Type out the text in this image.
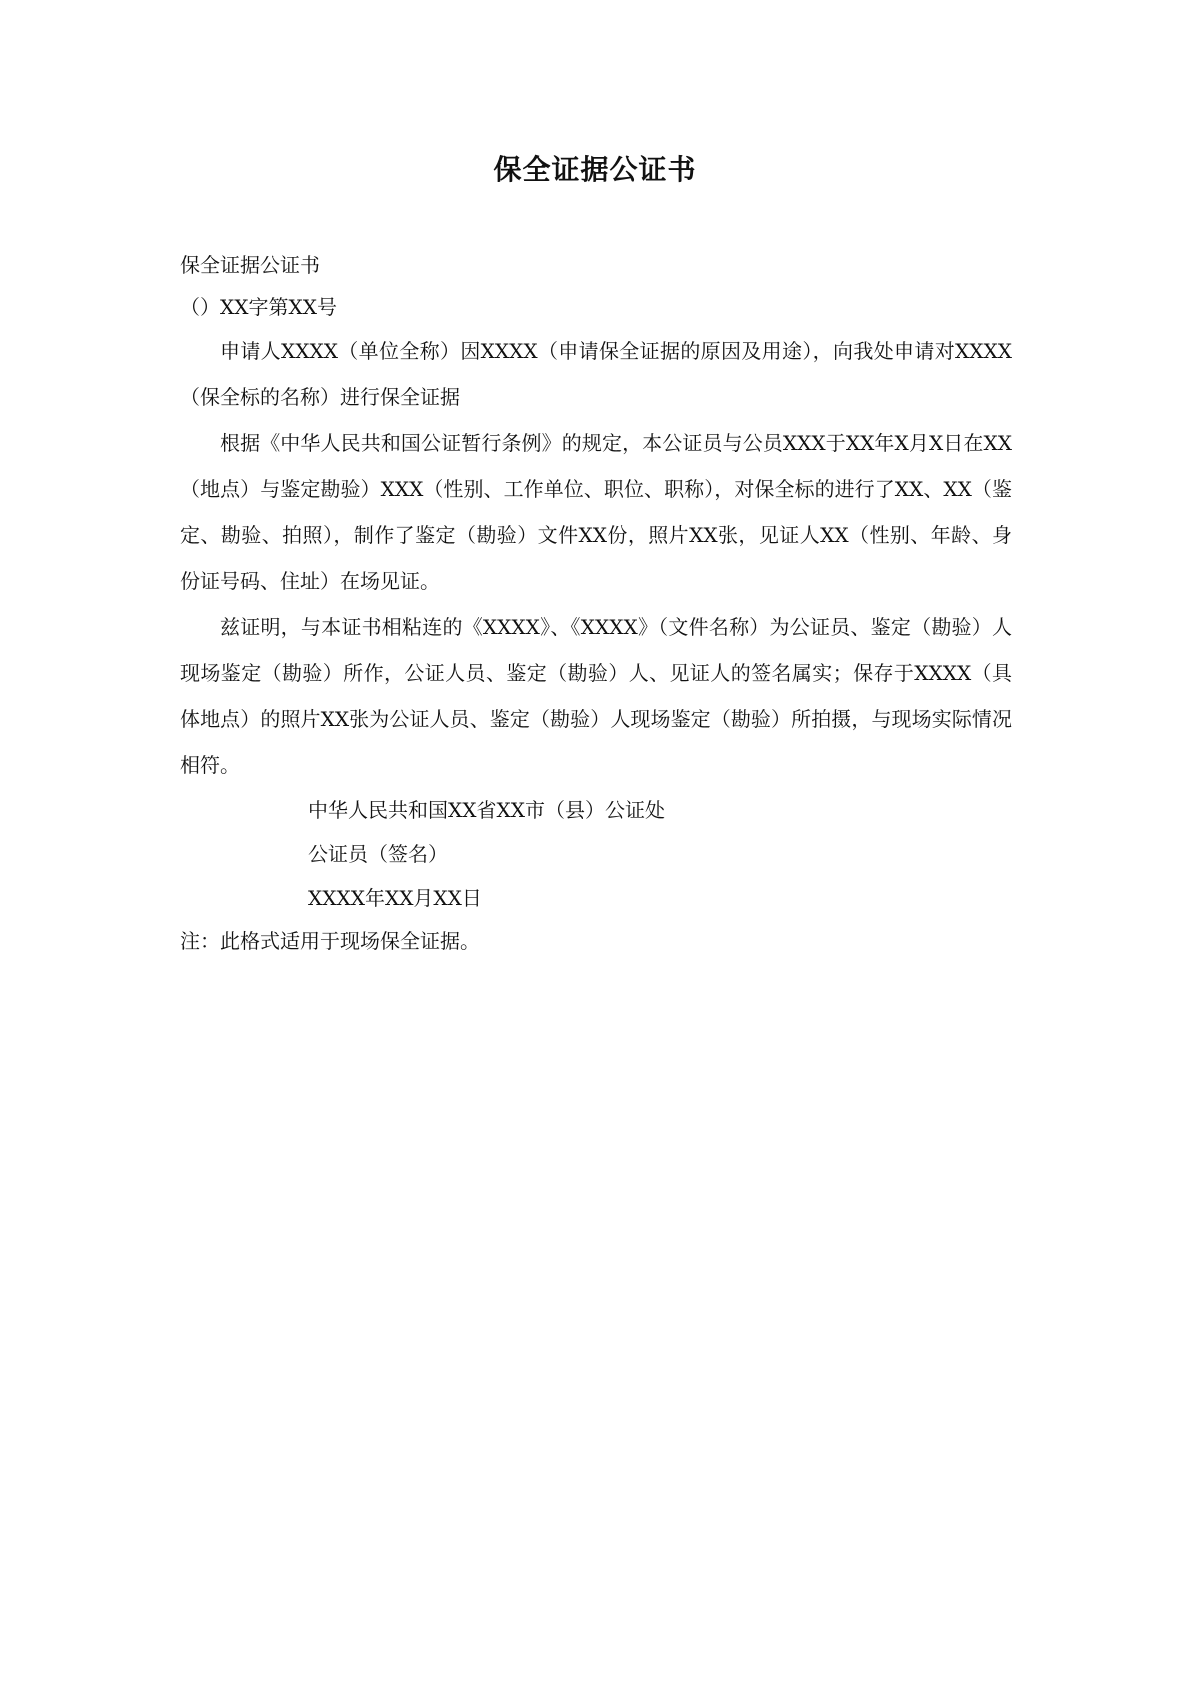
保全证据公证书
保全证据公证书
（）XX字第XX号

申请人XXXX（单位全称）因XXXX（申请保全证据的原因及用途），向我处申请对XXXX（保全标的名称）进行保全证据

根据《中华人民共和国公证暂行条例》的规定，本公证员与公员XXX于XX年X月X日在XX（地点）与鉴定勘验）XXX（性别、工作单位、职位、职称），对保全标的进行了XX、XX（鉴定、勘验、拍照），制作了鉴定（勘验）文件XX份，照片XX张，见证人XX（性别、年龄、身份证号码、住址）在场见证。

兹证明，与本证书相粘连的《XXXX》、《XXXX》（文件名称）为公证员、鉴定（勘验）人现场鉴定（勘验）所作，公证人员、鉴定（勘验）人、见证人的签名属实；保存于XXXX（具体地点）的照片XX张为公证人员、鉴定（勘验）人现场鉴定（勘验）所拍摄，与现场实际情况相符。

中华人民共和国XX省XX市（县）公证处
公证员（签名）
XXXX年XX月XX日
注：此格式适用于现场保全证据。
